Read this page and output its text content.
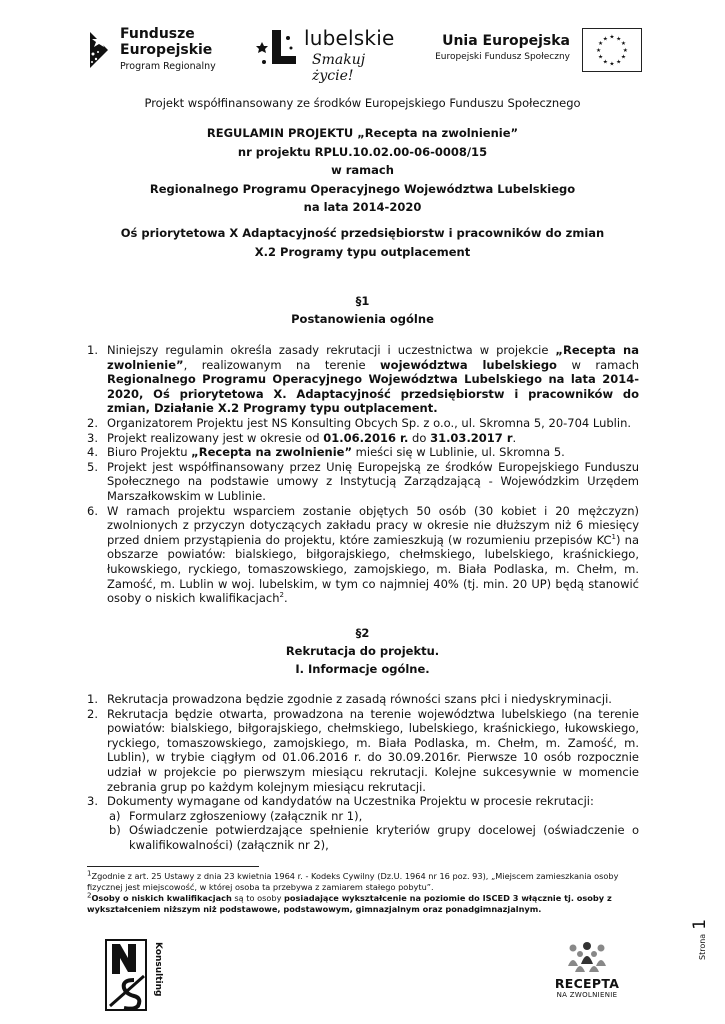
Fundusze
Europejskie
Program Regionalny
lubelskie
Smakuj życie!
Unia Europejska
Europejski Fundusz Społeczny
★ ★
★
★
★
★
★
★
★
★
★
★
Projekt współfinansowany ze środków Europejskiego Funduszu Społecznego
REGULAMIN PROJEKTU „Recepta na zwolnienie”
nr projektu RPLU.10.02.00-06-0008/15
w ramach
Regionalnego Programu Operacyjnego Województwa Lubelskiego
na lata 2014-2020
Oś priorytetowa X Adaptacyjność przedsiębiorstw i pracowników do zmian
X.2 Programy typu outplacement
§1
Postanowienia ogólne
1. Niniejszy regulamin określa zasady rekrutacji i uczestnictwa w projekcie „Recepta na zwolnienie”, realizowanym na terenie województwa lubelskiego w ramach Regionalnego Programu Operacyjnego Województwa Lubelskiego na lata 2014-2020, Oś priorytetowa X. Adaptacyjność przedsiębiorstw i pracowników do zmian, Działanie X.2 Programy typu outplacement.
2. Organizatorem Projektu jest NS Konsulting Obcych Sp. z o.o., ul. Skromna 5, 20-704 Lublin.
3. Projekt realizowany jest w okresie od 01.06.2016 r. do 31.03.2017 r.
4. Biuro Projektu „Recepta na zwolnienie” mieści się w Lublinie, ul. Skromna 5.
5. Projekt jest współfinansowany przez Unię Europejską ze środków Europejskiego Funduszu Społecznego na podstawie umowy z Instytucją Zarządzającą - Wojewódzkim Urzędem Marszałkowskim w Lublinie.
6. W ramach projektu wsparciem zostanie objętych 50 osób (30 kobiet i 20 mężczyzn) zwolnionych z przyczyn dotyczących zakładu pracy w okresie nie dłuższym niż 6 miesięcy przed dniem przystąpienia do projektu, które zamieszkują (w rozumieniu przepisów $KC^1$) na obszarze powiatów: bialskiego, biłgorajskiego, chełmskiego, lubelskiego, kraśnickiego, łukowskiego, ryckiego, tomaszowskiego, zamojskiego, m. Biała Podlaska, m. Chełm, m. Zamość, m. Lublin w woj. lubelskim, w tym co najmniej 40% (tj. min. 20 UP) będą stanowić osoby o niskich kwalifikacjach$^2$.
§2
Rekrutacja do projektu.
I. Informacje ogólne.
1. Rekrutacja prowadzona będzie zgodnie z zasadą równości szans płci i niedyskryminacji.
2. Rekrutacja będzie otwarta, prowadzona na terenie województwa lubelskiego (na terenie powiatów: bialskiego, biłgorajskiego, chełmskiego, lubelskiego, kraśnickiego, łukowskiego, ryckiego, tomaszowskiego, zamojskiego, m. Biała Podlaska, m. Chełm, m. Zamość, m. Lublin), w trybie ciągłym od 01.06.2016 r. do 30.09.2016r. Pierwsze 10 osób rozpocznie udział w projekcie po pierwszym miesiącu rekrutacji. Kolejne sukcesywnie w momencie zebrania grup po każdym kolejnym miesiącu rekrutacji.
3. Dokumenty wymagane od kandydatów na Uczestnika Projektu w procesie rekrutacji:
a) Formularz zgłoszeniowy (załącznik nr 1),
b) Oświadczenie potwierdzające spełnienie kryteriów grupy docelowej (oświadczenie o kwalifikowalności) (załącznik nr 2),
$^1$Zgodnie z art. 25 Ustawy z dnia 23 kwietnia 1964 r. - Kodeks Cywilny (Dz.U. 1964 nr 16 poz. 93), „Miejscem zamieszkania osoby fizycznej jest miejscowość, w której osoba ta przebywa z zamiarem stałego pobytu”.
$^2$Osoby o niskich kwalifikacjach są to osoby posiadające wykształcenie na poziomie do ISCED 3 włącznie tj. osoby z wykształceniem niższym niż podstawowe, podstawowym, gimnazjalnym oraz ponadgimnazjalnym.
Strona1
Konsulting	RECEPTA
NA ZWOLNIENIE
